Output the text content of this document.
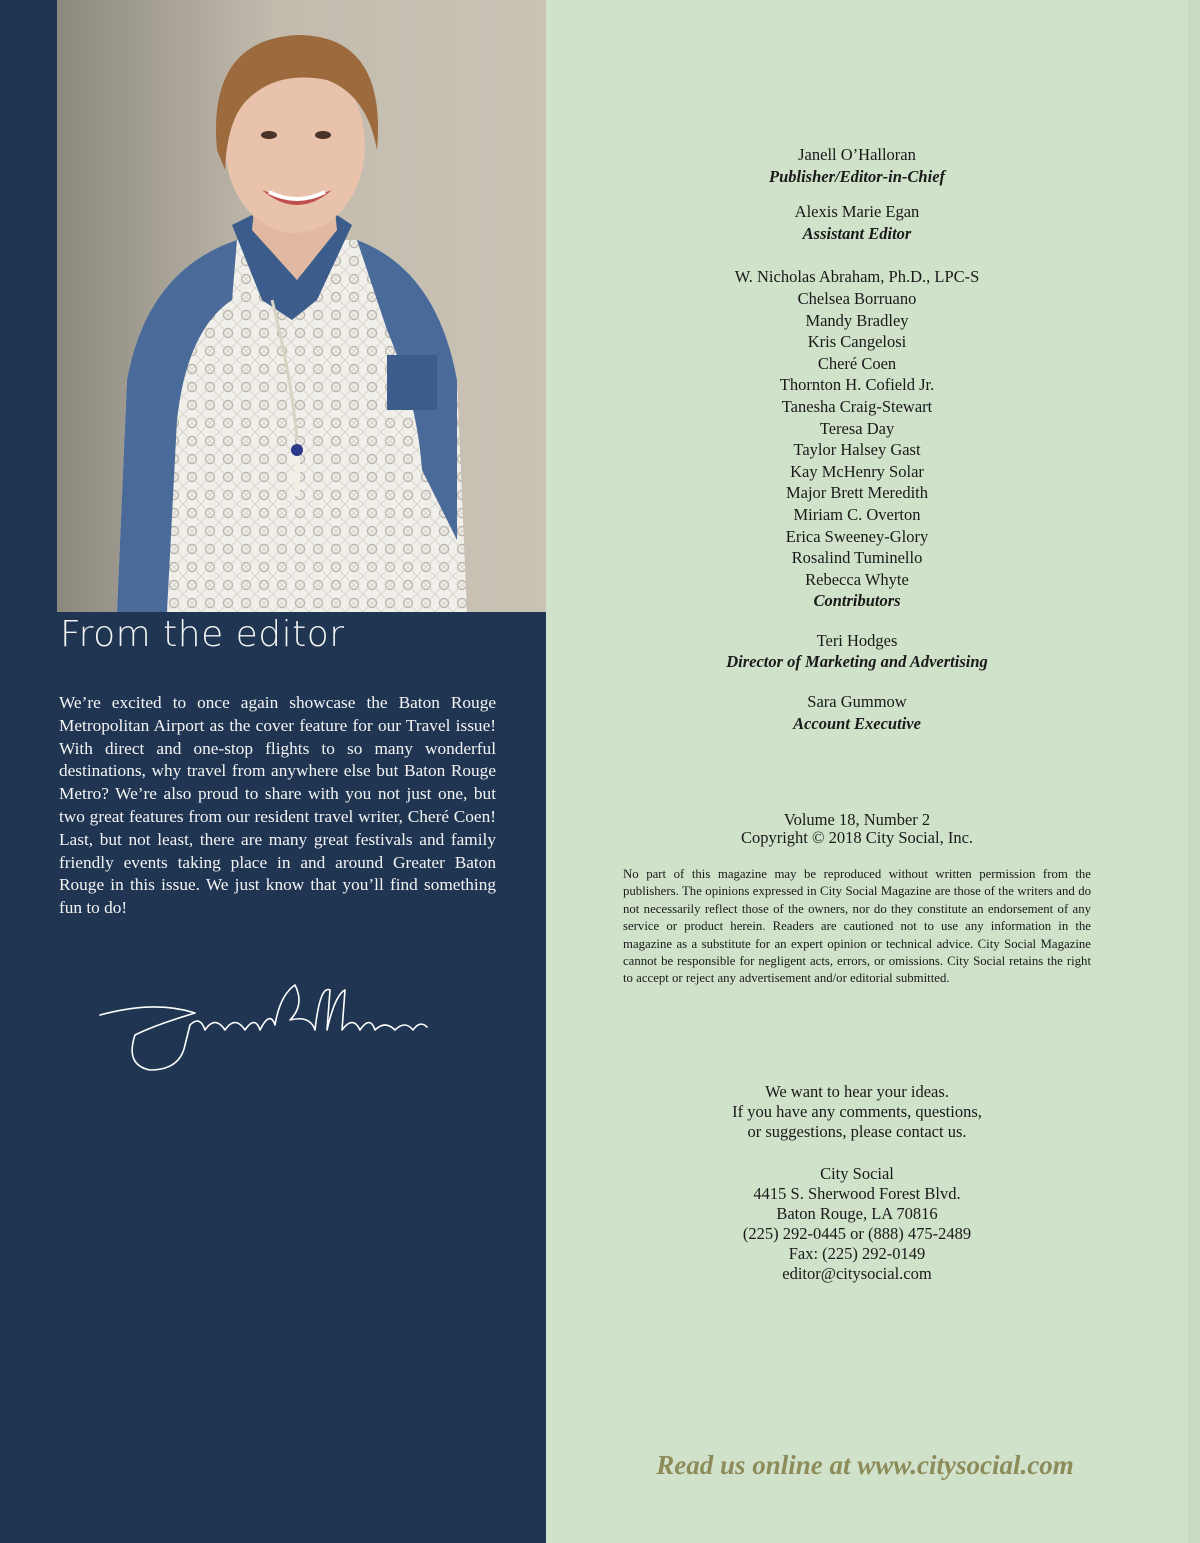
From the editor

We’re excited to once again showcase the Baton Rouge Metropolitan Airport as the cover feature for our Travel issue! With direct and one-stop flights to so many wonderful destinations, why travel from anywhere else but Baton Rouge Metro? We’re also proud to share with you not just one, but two great features from our resident travel writer, Cheré Coen! Last, but not least, there are many great festivals and family friendly events taking place in and around Greater Baton Rouge in this issue. We just know that you’ll find something fun to do!

Janell O’Halloran
Publisher/Editor-in-Chief

Alexis Marie Egan
Assistant Editor

W. Nicholas Abraham, Ph.D., LPC-S
Chelsea Borruano
Mandy Bradley
Kris Cangelosi
Cheré Coen
Thornton H. Cofield Jr.
Tanesha Craig-Stewart
Teresa Day
Taylor Halsey Gast
Kay McHenry Solar
Major Brett Meredith
Miriam C. Overton
Erica Sweeney-Glory
Rosalind Tuminello
Rebecca Whyte
Contributors

Teri Hodges
Director of Marketing and Advertising

Sara Gummow
Account Executive

Volume 18, Number 2
Copyright © 2018 City Social, Inc.

No part of this magazine may be reproduced without written permission from the publishers. The opinions expressed in City Social Magazine are those of the writers and do not necessarily reflect those of the owners, nor do they constitute an endorsement of any service or product herein. Readers are cautioned not to use any information in the magazine as a substitute for an expert opinion or technical advice. City Social Magazine cannot be responsible for negligent acts, errors, or omissions. City Social retains the right to accept or reject any advertisement and/or editorial submitted.

We want to hear your ideas.
If you have any comments, questions,
or suggestions, please contact us.

City Social
4415 S. Sherwood Forest Blvd.
Baton Rouge, LA 70816
(225) 292-0445 or (888) 475-2489
Fax: (225) 292-0149
editor@citysocial.com

Read us online at www.citysocial.com
